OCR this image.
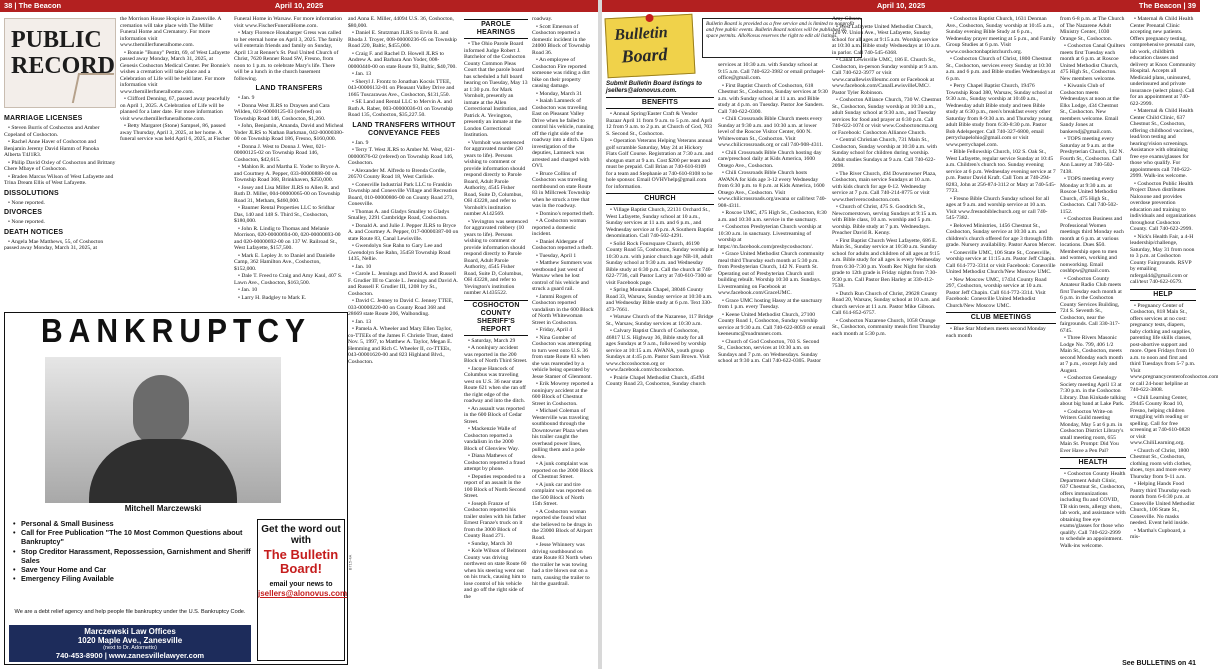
38 | The Beacon	April 10, 2025
PUBLIC
RECORD
MARRIAGE LICENSES

• Steven Burris of Coshocton and Amber Copeland of Coshocton.

• Rachel Anne Haver of Coshocton and Benjamin Jeremy David Hamm of Panoka Alberta T4J1R3.

• Philip David Oxley of Coshocton and Brittany Chere Mbaye of Coshocton.

• Braden Marcus Wilson of West Lafayette and Trina Dream Ellis of West Lafayette.

DISSOLUTIONS

• None reported.

DIVORCES

• None reported.

DEATH NOTICES

• Angela Mae Matthews, 55, of Coshocton passed away Monday, March 31, 2025, at

the Morrison House Hospice in Zanesville. A cremation will take place with The Miller Funeral Home and Crematory. For more information visit www.themillerfuneralhome.com.

• Bonnie "Bunny" Pettitt, 69, of West Lafayette passed away Monday, March 31, 2025, at Genesis Coshocton Medical Center. Per Bonnie's wishes a cremation will take place and a Celebration of Life will be held later. For more information visit www.themillerfuneralhome.com.

• Clifford Denning, 67, passed away peacefully on April 1, 2025. A Celebration of Life will be planned for a later date. For more information visit www.themillerfuneralhome.com.

• Betty Margaret (Stone) Sampsel, 86, passed away Thursday, April 3, 2025, at her home. A funeral service was held April 6, 2025, at Fischer

Funeral Home in Warsaw. For more information visit www.FischerFuneralHome.com.

• Mary Florence Honabarger Gress was called to her eternal home on April 3, 2025. The family will entertain friends and family on Sunday, April 13 at Renner's St. Paul United Church of Christ, 7620 Renner Road SW, Fresno, from noon to 1 p.m. to celebrate Mary's life. There will be a lunch in the church basement following.

LAND TRANSFERS

• Jan. 9

• Donna West JLRS to Draysen and Cara Wilden, 021-00000125-03 (refered) on Township Road 146, Coshocton, $1,260.

• John, Benjamin, Amanda, David and Micheal Yoder JLRS to Nathan Barkman, 042-00000380-00 on Township Road 186, Fresno, $160,000.

• Donna J. West to Donna J. West, 021-00000125-02 on Township Road 146, Coshocton, $42,615.

• Mahlon R. and Martha E. Yoder to Bryce A. and Courtney A. Pepper, 033-00000888-00 on Township Road 368, Brinkhaven, $250,000.

• Josey and Lisa Miller JLRS to Allen R. and Ruth D. Miller, 004-00000065-00 on Township Road 31, Metham, $460,000.

• Baumer Rental Properties LLC to Sridhar Das, 140 and 148 S. Third St., Coshocton, $180,000.

• John R. Lindig to Thomas and Melanie Morrison, 020-00000694-00, 020-00000693-00 and 020-00000692-00 on 137 W. Railroad St., West Lafayette, $157,500.

• Mark E. Lepley Jr. to Daniel and Danielle Camp, 362 Hamilton Ave., Coshocton, $152,000.

• Dale T. Freed to Craig and Amy Kaul, 407 S. Lawn Ave., Coshocton, $163,500.

• Jan. 10

• Larry H. Badgley to Mark E.

and Anna E. Miller, 44094 U.S. 36, Coshocton, $80,000.

• Daniel E. Stutzman JLRS to Ervin R. and Rhoda J. Troyer, 008-00000236-05 on Township Road 220, Baltic, $455,000.

• Craig F. and Rachel D. Howell JLRS to Andrew A. and Barbara Ann Yoder, 008-00000440-00 on state Route 93, Baltic, $40,700.

• Jan. 13

• Sheryl J. Frontz to Jonathan Kocsis TTEE, 043-00006132-01 on Pleasant Valley Drive and 1665 Tuscarawas Ave., Coshocton, $131,550.

• SE Land and Rental LLC to Mervin A. and Ruth A. Raber, 003-00000036-01 on Township Road 135, Coshocton, $35,227.50.

LAND TRANSFERS WITHOUT CONVEYANCE FEES

• Jan. 9

• Terry T. West JLRS to Amber M. West, 021-00000676-02 (refered) on Township Road 146, Coshocton.

• Alexander M. Alfredo to Brenda Cordle, 20570 County Road 18, West Carlisle.

• Conesville Industrial Park LLC to Franklin Township and Conesville Village and Recreation Board, 010-00000806-00 on County Road 273, Conesville.

• Thomas A. and Gladys Smalley to Gladys Smalley, 2291 Cambridge Road, Coshocton.

• Donald A. and Julie J. Pepper JLRS to Bryce A. and Courtney A. Pepper, 017-00000387-00 on state Route 83, Canal Lewisville.

• Gwendolyn Sue Rahn to Gary Lee and Gwendolyn Sue Rahn, 35458 Township Road 1435, Nellie.

• Jan. 10

• Carole L. Jennings and David A. and Russell F. Grudier III to Carole L. Jennings and David A. and Russell F. Grudier III, 1208 Ivy St., Coshocton.

• David C. Jenney to David C. Jenney TTEE, 033-00000220-00 on County Road 368 and 28669 state Route 206, Walhonding.

• Jan. 13

• Pamela A. Wheeler and Mary Ellen Taylor, co-TTEEs of the James F. Christie Trust, dated Nov. 5, 1997, to Matthew A. Taylor, Megan E. Hemming and Rich C. Wheeler II, co-TTEEs, 043-00001620-00 and 823 Highland Blvd., Coshocton.

PAROLE HEARINGS

• The Ohio Parole Board informed Judge Robert J. Batchelor of the Coshocton County Common Pleas Court that the parole board has scheduled a full board hearing on Tuesday, May 13 at 1:30 p.m. for Mark Vornholt, presently an inmate at the Allen Correctional Institution, and Patrick A. Yevington, presently an inmate at the London Correctional Institution.

• Vornholt was sentenced for aggravated murder (20 years to life). Persons wishing to comment or provide information should respond directly to Parole Board, Adult Parole Authority, 4545 Fisher Road, Suite D, Columbus, OH 43228, and refer to Vornholt's institution number A142569.

• Yevington was sentenced for aggravated robbery (10 years to life). Persons wishing to comment or provide information should respond directly to Parole Board, Adult Parole Authority, 4545 Fisher Road, Suite D, Columbus, OH 43228, and refer to Yevington's institution number A1435522.

COSHOCTON COUNTY SHERIFF'S REPORT

• Saturday, March 29

• A nonlnjury accident was reported in the 200 Block of North Third Street.

• Jacque Hancock of Columbus was traveling west on U.S. 36 near state Route 621 when she ran off the right edge of the roadway and into the ditch.

• An assault was reported in the 600 Block of Cedar Street.

• Mackenzie Walle of Coshocton reported a vandalism in the 2000 Block of Glenview Way.

• Diana Mathews of Coshocton reported a fraud attempt by phone.

• Deputies responded to a report of an assault in the 100 Block of North Second Street.

• Joseph Franze of Coshocton reported his trailer stolen with his father Ernest Franze's truck on it from the 3000 Block of County Road 271.

• Sunday, March 30

• Kole Wilson of Belmont County was driving northwest on state Route 60 when his steering went out on his truck, causing him to lose control of his vehicle and go off the right side of the

roadway.

• Scott Emerson of Coshocton reported a domestic incident in the 24000 Block of Township Road 36.

• An employee of Coshocton Fire reported someone was riding a dirt bike on their property causing damage.

• Monday, March 31

• Isaiah Lamneck of Coshocton was traveling East on Pleasant Valley Drive when he failed to control his vehicle, running off the right side of the roadway into a ditch. Upon investigation of the deputies, Lamneck was arrested and charged with OVI.

• Bruce Collins of Coshocton was traveling northbound on state Route 83 in Millcreek Township when he struck a tree that was in the roadway.

• Domino's reported theft.

• A Coshocton woman reported a domestic incident.

• Daniel Aldergate of Coshocton reported a theft.

• Tuesday, April 1

• Matthew Summers was westbound just west of Warsaw when he lost control of his vehicle and struck a guard rail.

• Jammi Rogers of Coshocton reported vandalism in the 600 Block of North Whitewoman Street in Coshocton.

• Friday, April 4

• Nina Gomber of Coshocton was attempting to turn west onto U.S. 36 from state Route 83 when she was rearended by a vehicle being operated by Jesse Stamer of Glenmont.

• Erik Mowrey reported a noninjury accident at the 600 Block of Chestnut Street in Coshocton.

• Michael Coleman of Westerville was traveling southbound through the Downtowner Plaza when his trailer caught the overhead power lines, pulling them and a pole down.

• A junk complaint was reported on the 2000 Block of Chestnut Street.

• A junk car and tire complaint was reported on the 500 Block of North 15th Street.

• A Coshocton woman reported she found what she believed to be drugs in the 23000 Block of Airport Road.

• Jesse Whinnery was driving southbound on state Route 83 North when the trailer he was towing had a tire blown out on a turn, causing the trailer to hit the guardrail.

BANKRUPTCY
Mitchell Marczewski
• Personal & Small Business
• Call for Free Publication "The 10 Most Common Questions about Bankruptcy"
• Stop Creditor Harassment, Repossession, Garnishment and Sheriff Sales
• Save Your Home and Car
• Emergency Filing Available
We are a debt relief agency and help people file bankruptcy under the U.S. Bankruptcy Code.
Marczewski Law Offices
1020 Maple Ave., Zanesville
(next to Dr. Adornetto)
740-453-8900 | www.zanesvillelawyer.com
Get the word out with
The Bulletin Board!
email your news to
jsellers@alonovus.com
B715-4A
April 10, 2025	The Beacon | 39
Bulletin
Board
Bulletin Board is provided as a free service and is limited to nonprofit and free public events. Bulletin Board notices will be published as space permits. AlloNovus reserves the right to edit all listings.

Submit Bulletin Board listings to jsellers@alonovus.com.

BENEFITS

• Annual Spring/Easter Craft & Vendor Bazaar April 11 from 9 a.m. to 5 p.m. and April 12 from 9 a.m. to 2 p.m. at Church of God, 703 S. Second St., Coshocton.

• Operation Veterans Helping Veterans annual golf scramble Saturday, May 24 at Hickory Flats Golf Course. Registration at 7:30 a.m. and shotgun start at 9 a.m. Cost $200 per team and must be prepaid. Call Brian at 740-610-8109 for a team and Stephanie at 740-610-8108 to be hole sponsor. Email OVHVhelp@gmail.com for information.

CHURCH

• Village Baptist Church, 22131 Orchard St., West Lafayette, Sunday school at 10 a.m., Sunday services at 11 a.m. and 6 p.m., and Wednesday service at 6 p.m. A Southern Baptist denomination. Call 740-502-4291.

• Solid Rock Foursquare Church, 46190 County Road 55, Coshocton, Sunday worship at 10:30 a.m. with junior church age NB-18, adult Sunday school at 9:30 a.m. and Wednesday Bible study at 6:30 p.m. Call the church at 740-622-7736, call Pastor Larry at 740-610-7300 or visit Facebook page.

• Spring Mountain Chapel, 38046 County Road 33, Warsaw, Sunday service at 10:30 a.m. and Wednesday Bible study at 6 p.m. Text 330-473-7661.

• Warsaw Church of the Nazarene, 117 Bridge St., Warsaw, Sunday services at 10:30 a.m.

• Calvary Baptist Church of Coshocton, 46817 U.S. Highway 36, Bible study for all ages Sundays at 9 a.m., followed by worship service at 10:15 a.m. AWANA, youth group Sundays at 4:45 p.m. Pastor Sam Brown. Visit www.cbccoshocton.org or www.facebook.com/cbccoshocton.

• Prairie Chapel Methodist Church, 45494 County Road 23, Coshocton, Sunday church

services at 10:30 a.m. with Sunday school at 9:15 a.m. Call 740-622-3982 or email prchapel-office@gmail.com.

• First Baptist Church of Coshocton, 618 Chestnut St., Coshocton, Sunday services at 9:30 a.m. with Sunday school at 11 a.m. and Bible study at 4 p.m. on Tuesday. Pastor Joe Sanders. Call 740-622-0300.

• Chili Crossroads Bible Church meets every Sunday at 9:30 a.m. and 10:30 a.m. at lower level of the Roscoe Visitor Center, 600 N. Whitewoman St., Coshocton. Visit www.chilicrossroads.org or call 740-908-4311.

• Chili Crossroads Bible Church hosting day care/preschool daily at Kids America, 1600 Otsego Ave., Coshocton.

• Chili Crossroads Bible Church hosts AWANA for kids age 3-12 every Wednesday from 6:30 p.m. to 8 p.m. at Kids America, 1600 Otsego Ave., Coshocton. Visit www.chilicrossroads.org/awana or call/text 740-908-4311.

• Roscoe UMC, 475 High St., Coshocton, 8:30 a.m. and 10:30 a.m. service in the sanctuary.

• Coshocton Presbyterian Church worship at 10:30 a.m. in sanctuary. Livestreaming of worship at https://m.facebook.com/presbycoshocton/.

• Grace United Methodist Church community meal third Thursday each month at 5:30 p.m. from Presbyterian Church, 142 N. Fourth St. Operating out of Presbyterian Church until building rebuilt. Worship 10:30 a.m. Sundays. Livestreaming on Facebook at www.facebook.com/GraceUMC.

• Grace UMC hosting Hassy at the sanctuary from 1 p.m. every Tuesday.

• Keene United Methodist Church, 27100 County Road 1, Coshocton, Sunday worship service at 9:30 a.m. Call 740-622-8059 or email keeneumc@roadrunner.com.

• Church of God Coshocton, 703 S. Second St., Coshocton, services at 10:30 a.m. on Sundays and 7 p.m. on Wednesdays. Sunday school at 9:30 a.m. Call 740-622-0305. Pastor

Amy Gibson.

• West Lafayette United Methodist Church, 120 W. Union Ave., West Lafayette, Sunday school for all ages at 9:15 a.m. Worship service at 10:30 a.m. Bible study Wednesdays at 10 a.m. in parlor. Call 740-545-6368.

• Canal Lewisville UMC, 186 E. Church St., Coshocton, in-person Sunday worship at 9 a.m. Call 740-622-3977 or visit www.canallewisvilleumc.com or Facebook at www.facebook.com/CanalLewisvilleUMC/. Pastor Tyler Robinson.

• Coshocton Alliance Church, 730 W. Chestnut St., Coshocton, Sunday worship at 10:30 a.m., adult Sunday school at 9:30 a.m., and Tuesday services for food and prayer at 6:30 p.m. Call 740-622-1074 or visit www.Coshoctoncma.org or Facebook: Coshocton Alliance Church.

• Central Christian Church, 731 Main St., Coshocton, Sunday worship at 10:30 a.m. with Sunday school for children during worship. Adult studies Sundays at 9 a.m. Call 740-622-2098.

• The River Church, 494 Downtowner Plaza, Coshocton, main service Sundays at 10 a.m. with kids church for age 0-12. Wednesday service at 7 p.m. Call 740-214-8775 or visit www.theriverocoshocton.com.

• Church of Christ, 475 S. Goodrich St., Newcomerstown, serving Sundays at 9:15 a.m. with Bible class, 10 a.m. worship and 5 p.m. worship. Bible study at 7 p.m. Wednesdays. Preacher David R. Kenny.

• First Baptist Church West Lafayette, 686 E. Main St., Sunday service at 10:30 a.m. Sunday school for adults and children of all ages at 9:15 a.m. Bible study for all ages is every Wednesday from 6:30-7:30 p.m. Youth Rec Night for sixth grade to 12th grade is Friday nights from 7:30-9:30 p.m. Call Pastor Ben Harley at 330-412-7538.

• Dutch Run Church of Christ, 29628 County Road 20, Warsaw, Sunday school at 10 a.m. and church service at 11 a.m. Pastor Mike Gibson. Call 614-852-6757.

• Coshocton Nazarene Church, 1058 Orange St., Coshocton, community meals first Thursday each month at 5:30 p.m.

• Coshocton Baptist Church, 1631 Denman Ave., Coshocton, Sunday worship at 10:45 a.m., Sunday evening Bible Study at 6 p.m., Wednesday prayer meeting at 5 p.m., and Family Group Studies at 6 p.m. Visit www.coshoctonbaptistchurch.org.

• Coshocton Church of Christ, 1800 Chestnut St., Coshocton, services every Sunday at 10:30 a.m. and 6 p.m. and Bible studies Wednesdays at 6 p.m.

• Perry Chapel Baptist Church, 19476 Township Road 380, Warsaw, Sunday school at 9:30 a.m., Sunday worship at 10:40 a.m., Wednesday adult Bible study and teen Bible study at 6:30 p.m., men's breakfast every other Saturday from 8-9:30 a.m. and Thursday young adult Bible study from 6:30-8:30 p.m. Pastor Bob Adelsperger. Call 740-327-6800, email perrychapelohio@gmail.com or visit www.perrychapel.com.

• Bible Fellowship Church, 102 S. Oak St., West Lafayette, regular service Sunday at 10:45 a.m. Children's church too. Sunday evening service at 6 p.m. Wednesday evening service at 7 p.m. Pastor David Kraft. Call Tom at 740-294-8283, John at 256-874-3112 or Mary at 740-545-7723.

• Fresno Bible Church Sunday school for all ages at 9 a.m. and worship service at 10 a.m. Visit www.fresnobiblechurch.org or call 740-545-7382.

• Beloved Ministries, 1456 Chestnut St., Coshocton, Sunday service at 10:30 a.m. and children's church offered for age 3 through fifth grade. Nursery availability. Pastor Aaron Mercer.

• Conesville UMC, 106 State St., Conesville, worship service at 11:15 a.m. Pastor Jeff Chapin. Call 614-772-3314 or visit Facebook: Conesville United Methodist Church/New Moscow UMC.

• New Moscow UMC, 17434 County Road 297, Coshocton, worship service at 10 a.m. Pastor Jeff Chapin. Call 614-772-3314. Visit Facebook: Conesville United Methodist Church/New Moscow UMC.

CLUB MEETINGS

• Blue Star Mothers meets second Monday each month

from 6-8 p.m. at The Church of The Nazarene Adult Ministry Center, 1030 Orange St., Coshocton.

• Coshocton Canal Quilters meets first Tuesday each month at 6 p.m. at Roscoe United Methodist Church, 475 High St., Coshocton. New members welcome.

• Kiwanis Club of Coshocton meets Wednesdays at noon at the Elks Lodge, 434 Chestnut St., Coshocton. New members welcome. Email Sandy Jones at bankersdj@gmail.com.

• TOPS meeting every Saturday at 9 a.m. at the Presbyterian Church, 142 N. Fourth St., Coshocton. Call Ann Laurey at 740-502-7438.

• TOPS meeting every Monday at 9:30 a.m. at Roscoe United Methodist Church, 475 High St., Coshocton. Call 740-502-1152.

• Coshocton Business and Professional Women meetings third Monday each month at 6 p.m. at various locations. Dues $50. Membership open to men and women, working and nonworking. Email coshbpw@gmail.com.

• Coshocton County Amateur Radio Club meets first Tuesday each month at 6 p.m. in the Coshocton County Services Building, 724 S. Seventh St., Coshocton, near the fairgrounds. Call 330-317-6745.

• Three Rivers Masonic Lodge No. 799, 406 1/2 Main St., Coshocton, meets second Monday each month at 7 p.m., except July and August.

• Coshocton Genealogy Society meeting April 13 at 7:30 p.m. in the Coshocton Library. Dan Kinkade talking about big band at Lake Park.

• Coshocton Write-on Writers Guild meeting Monday, May 5 at 6 p.m. in Coshocton District Library's small meeting room, 655 Main St. Prompt: Did You Ever Have a Pen Pal?

HEALTH

• Coshocton County Health Department Adult Clinic, 637 Chestnut St., Coshocton, offers immunizations including flu and COVID, TB skin tests, allergy shots, lab work, and assistance with obtaining free eye exams/glasses for those who qualify. Call 740-622-2999 to schedule an appointment. Walk-ins welcome.

• Maternal & Child Health Center Prenatal Clinic accepting new patients. Offers pregnancy testing, comprehensive prenatal care, lab work, childbirth education classes and delivery at Knox Community Hospital. Accepts all Medicaid plans, uninsured, underinsured and private insurance (select plans). Call for an appointment at 740-622-2999.

• Maternal & Child Health Center Child Clinic, 637 Chestnut St., Coshocton, offering childhood vaccines, lead/iron testing and hearing/vision screenings. Assistance with obtaining free eye exams/glasses for those who qualify. For appointments call 740-622-2999. Walk-ins welcome.

• Coshocton Public Health Project Dawn distributes Naloxone and provides overdose prevention education and training to individuals and organizations throughout Coshocton County. Call 740-622-2999.

• Nick's Health Fair, a 4-H leadership/challenge, Saturday, May 31 from noon to 3 p.m. at Coshocton County Fairgrounds. RSVP by emailing mfergal44@gmail.com or call/text 740-622-0579.

HELP

• Pregnancy Center of Coshocton, 818 Main St., offers services at no cost: pregnancy tests, diapers, baby clothing and supplies, parenting life skills classes, post-abortive support and more. Open Fridays from 10 a.m. to noon and first and third Tuesdays from 5-7 p.m. Visit www.pregnancycenterofcoshocton.com or call 24-hour helpline at 740-622-3808.

• Chili Learning Center, 29445 County Road 10, Fresno, helping children struggling with reading or spelling. Call for free screening at 740-610-0828 or visit www.ChiliLearning.org.

• Church of Christ, 1800 Chestnut St., Coshocton, clothing room with clothes, shoes, toys and more every Thursday from 9-11 a.m.

• Helping Hands Food Pantry third Thursday each month from 6-6:30 p.m. at Conesville United Methodist Church, 106 State St., Conesville. No masks needed. Event held inside.

• Martha's Cupboard, a mis-

See BULLETINS on 41
